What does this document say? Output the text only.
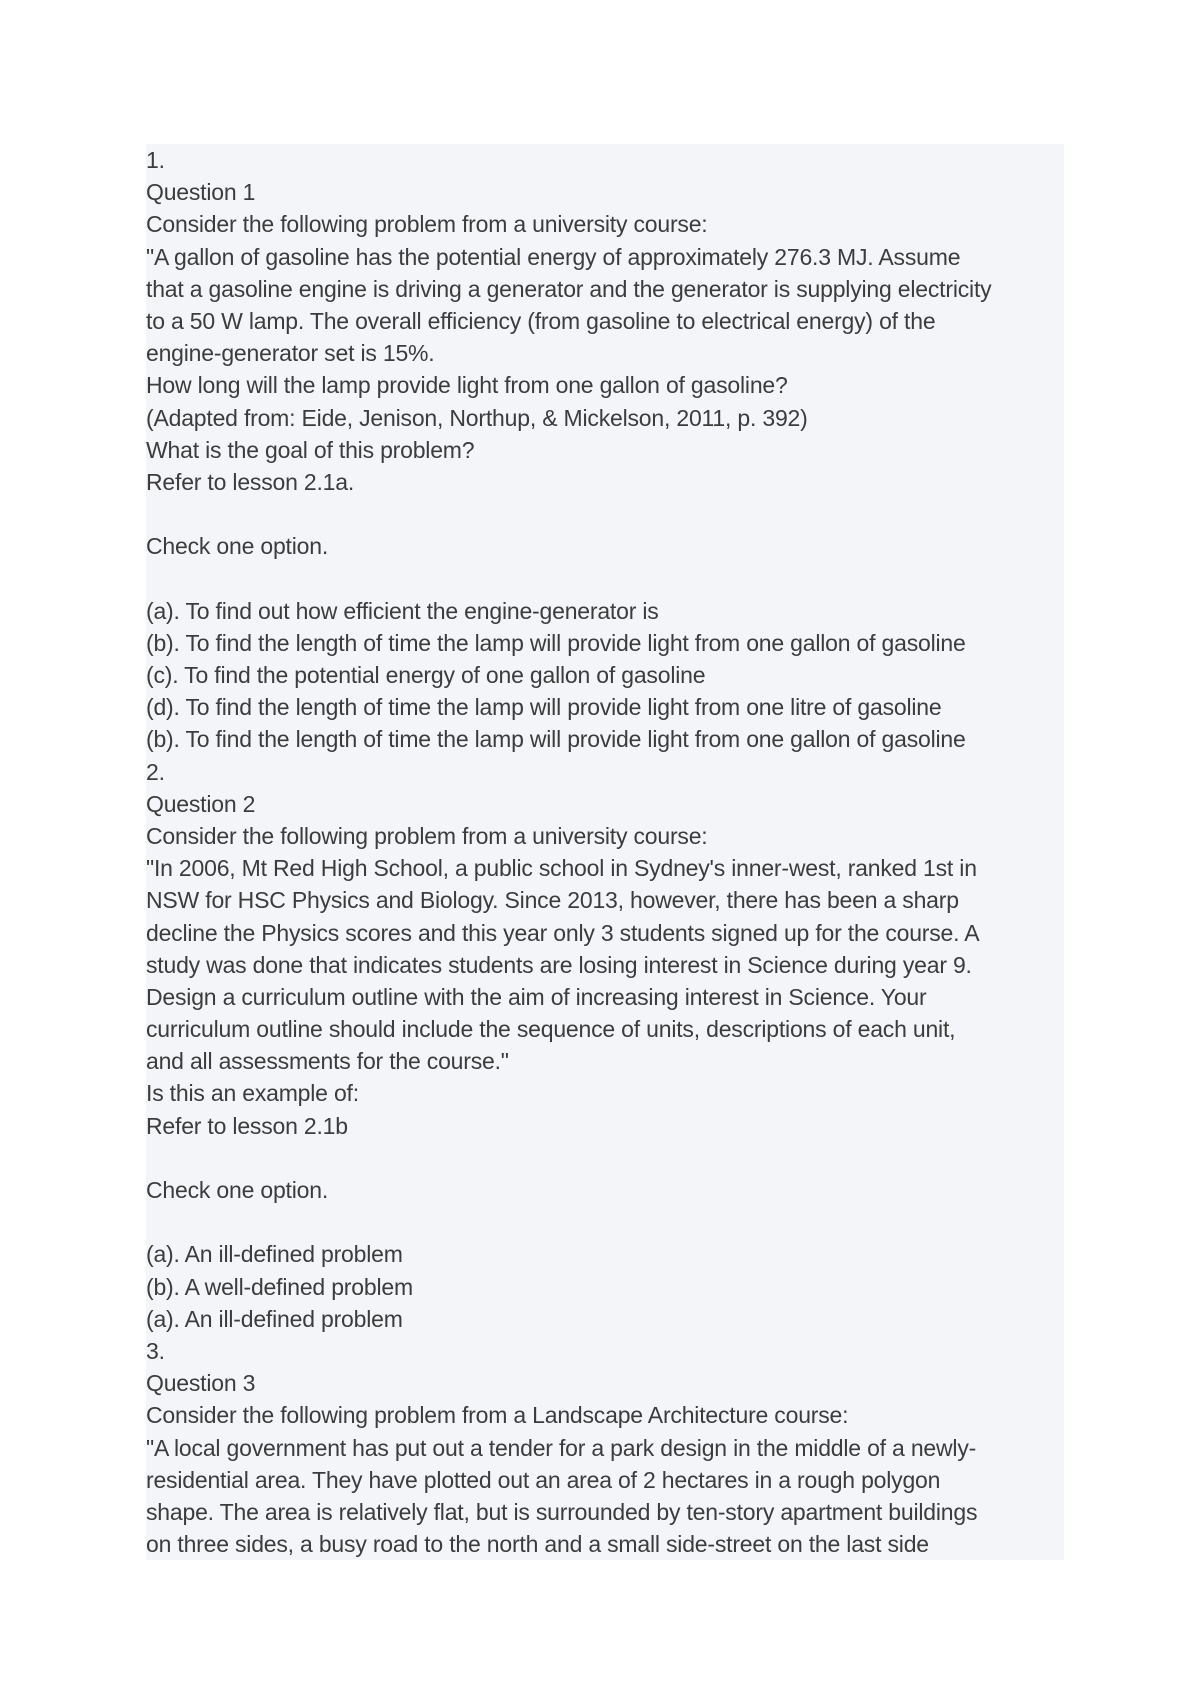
1.
Question 1
Consider the following problem from a university course:
"A gallon of gasoline has the potential energy of approximately 276.3 MJ. Assume
that a gasoline engine is driving a generator and the generator is supplying electricity
to a 50 W lamp. The overall efficiency (from gasoline to electrical energy) of the
engine-generator set is 15%.
How long will the lamp provide light from one gallon of gasoline?
(Adapted from: Eide, Jenison, Northup, & Mickelson, 2011, p. 392)
What is the goal of this problem?
Refer to lesson 2.1a.
Check one option.
(a). To find out how efficient the engine-generator is
(b). To find the length of time the lamp will provide light from one gallon of gasoline
(c). To find the potential energy of one gallon of gasoline
(d). To find the length of time the lamp will provide light from one litre of gasoline
(b). To find the length of time the lamp will provide light from one gallon of gasoline
2.
Question 2
Consider the following problem from a university course:
"In 2006, Mt Red High School, a public school in Sydney's inner-west, ranked 1st in
NSW for HSC Physics and Biology. Since 2013, however, there has been a sharp
decline the Physics scores and this year only 3 students signed up for the course. A
study was done that indicates students are losing interest in Science during year 9.
Design a curriculum outline with the aim of increasing interest in Science. Your
curriculum outline should include the sequence of units, descriptions of each unit,
and all assessments for the course."
Is this an example of:
Refer to lesson 2.1b
Check one option.
(a). An ill-defined problem
(b). A well-defined problem
(a). An ill-defined problem
3.
Question 3
Consider the following problem from a Landscape Architecture course:
"A local government has put out a tender for a park design in the middle of a newly-
residential area. They have plotted out an area of 2 hectares in a rough polygon
shape. The area is relatively flat, but is surrounded by ten-story apartment buildings
on three sides, a busy road to the north and a small side-street on the last side
